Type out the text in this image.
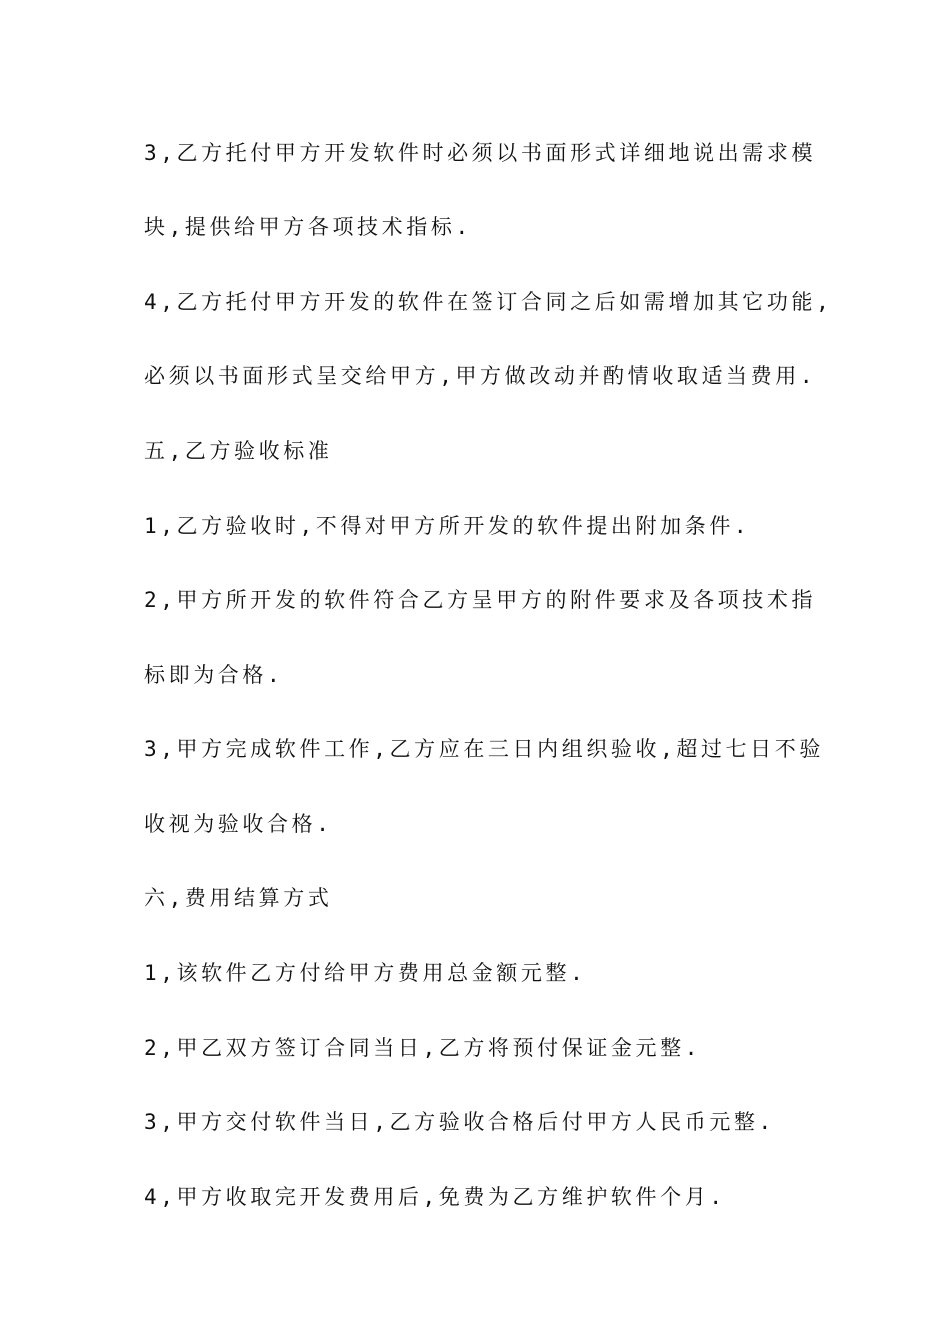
3,乙方托付甲方开发软件时必须以书面形式详细地说出需求模
块,提供给甲方各项技术指标.
4,乙方托付甲方开发的软件在签订合同之后如需增加其它功能,
必须以书面形式呈交给甲方,甲方做改动并酌情收取适当费用.
五,乙方验收标准
1,乙方验收时,不得对甲方所开发的软件提出附加条件.
2,甲方所开发的软件符合乙方呈甲方的附件要求及各项技术指
标即为合格.
3,甲方完成软件工作,乙方应在三日内组织验收,超过七日不验
收视为验收合格.
六,费用结算方式
1,该软件乙方付给甲方费用总金额元整.
2,甲乙双方签订合同当日,乙方将预付保证金元整.
3,甲方交付软件当日,乙方验收合格后付甲方人民币元整.
4,甲方收取完开发费用后,免费为乙方维护软件个月.
